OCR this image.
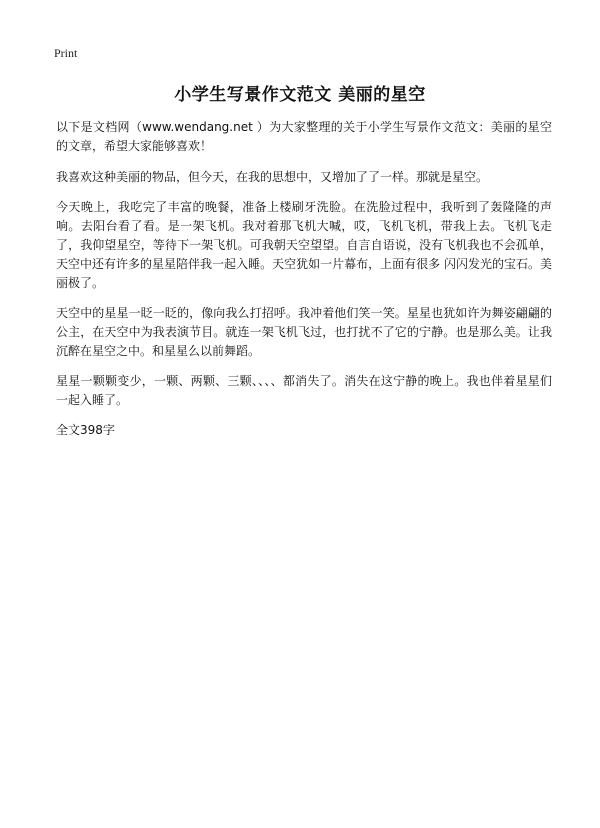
Print
小学生写景作文范文 美丽的星空

以下是文档网（www.wendang.net ）为大家整理的关于小学生写景作文范文：美丽的星空的文章，希望大家能够喜欢！

我喜欢这种美丽的物品，但今天，在我的思想中，又增加了了一样。那就是星空。

今天晚上，我吃完了丰富的晚餐，准备上楼刷牙洗脸。在洗脸过程中，我听到了轰隆隆的声响。去阳台看了看。是一架飞机。我对着那飞机大喊，哎，飞机飞机，带我上去。飞机飞走了，我仰望星空，等待下一架飞机。可我朝天空望望。自言自语说，没有飞机我也不会孤单，天空中还有许多的星星陪伴我一起入睡。天空犹如一片幕布，上面有很多 闪闪发光的宝石。美丽极了。

天空中的星星一眨一眨的，像向我么打招呼。我冲着他们笑一笑。星星也犹如许为舞姿翩翩的公主，在天空中为我表演节目。就连一架飞机飞过，也打扰不了它的宁静。也是那么美。让我沉醉在星空之中。和星星么以前舞蹈。

星星一颗颗变少，一颗、两颗、三颗、、、、都消失了。消失在这宁静的晚上。我也伴着星星们一起入睡了。

全文398字
